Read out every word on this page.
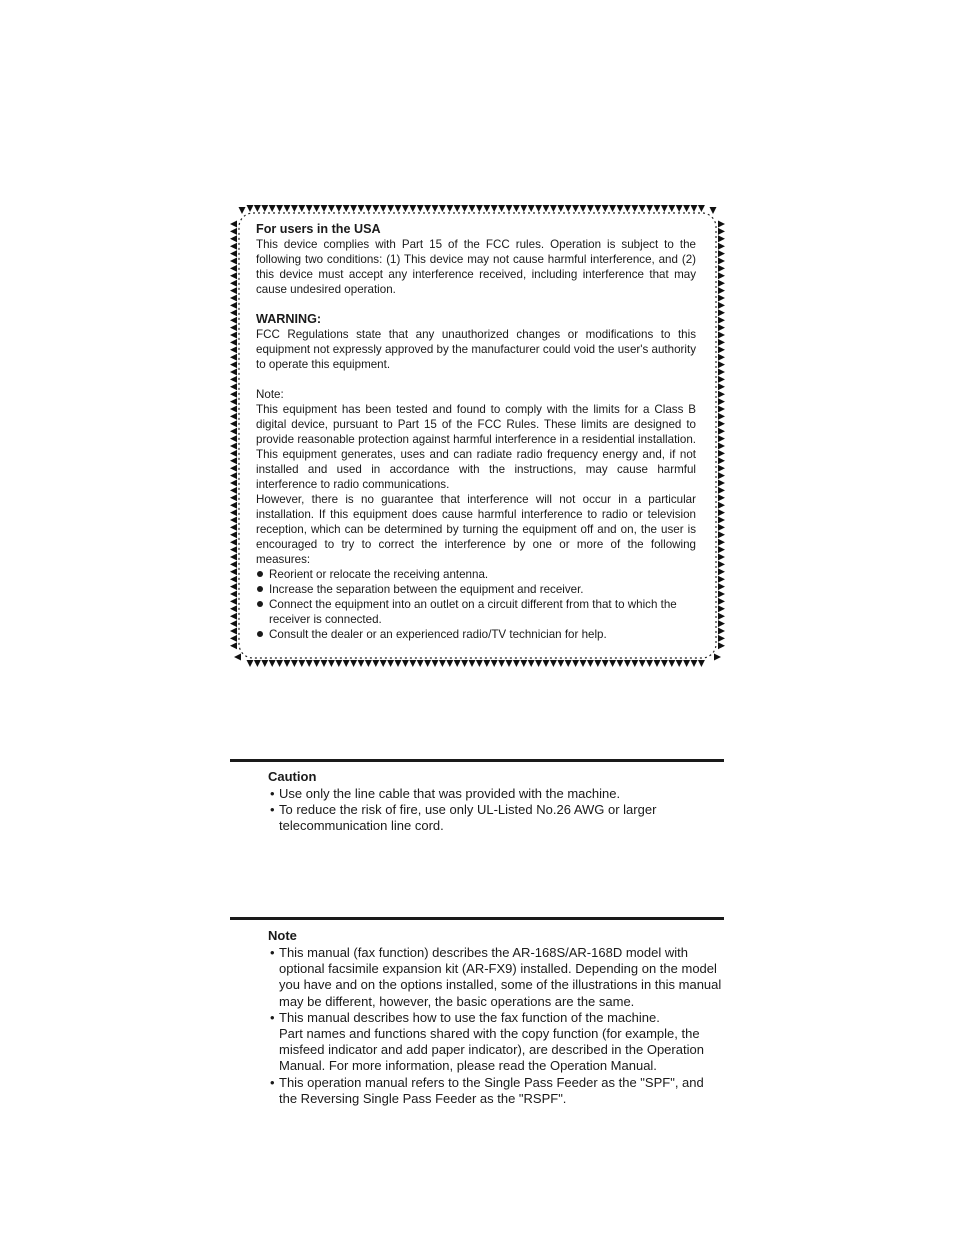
For users in the USA

This device complies with Part 15 of the FCC rules. Operation is subject to the following two conditions: (1) This device may not cause harmful interference, and (2) this device must accept any interference received, including interference that may cause undesired operation.

WARNING:

FCC Regulations state that any unauthorized changes or modifications to this equipment not expressly approved by the manufacturer could void the user's authority to operate this equipment.

Note:

This equipment has been tested and found to comply with the limits for a Class B digital device, pursuant to Part 15 of the FCC Rules. These limits are designed to provide reasonable protection against harmful interference in a residential installation. This equipment generates, uses and can radiate radio frequency energy and, if not installed and used in accordance with the instructions, may cause harmful interference to radio communications.

However, there is no guarantee that interference will not occur in a particular installation. If this equipment does cause harmful interference to radio or television reception, which can be determined by turning the equipment off and on, the user is encouraged to try to correct the interference by one or more of the following measures:

Reorient or relocate the receiving antenna.
Increase the separation between the equipment and receiver.
Connect the equipment into an outlet on a circuit different from that to which the receiver is connected.
Consult the dealer or an experienced radio/TV technician for help.
Caution
• Use only the line cable that was provided with the machine.
• To reduce the risk of fire, use only UL-Listed No.26 AWG or larger telecommunication line cord.
Note
• This manual (fax function) describes the AR-168S/AR-168D model with optional facsimile expansion kit (AR-FX9) installed. Depending on the model you have and on the options installed, some of the illustrations in this manual may be different, however, the basic operations are the same.
• This manual describes how to use the fax function of the machine.
Part names and functions shared with the copy function (for example, the misfeed indicator and add paper indicator), are described in the Operation Manual. For more information, please read the Operation Manual.
• This operation manual refers to the Single Pass Feeder as the "SPF", and the Reversing Single Pass Feeder as the "RSPF".
